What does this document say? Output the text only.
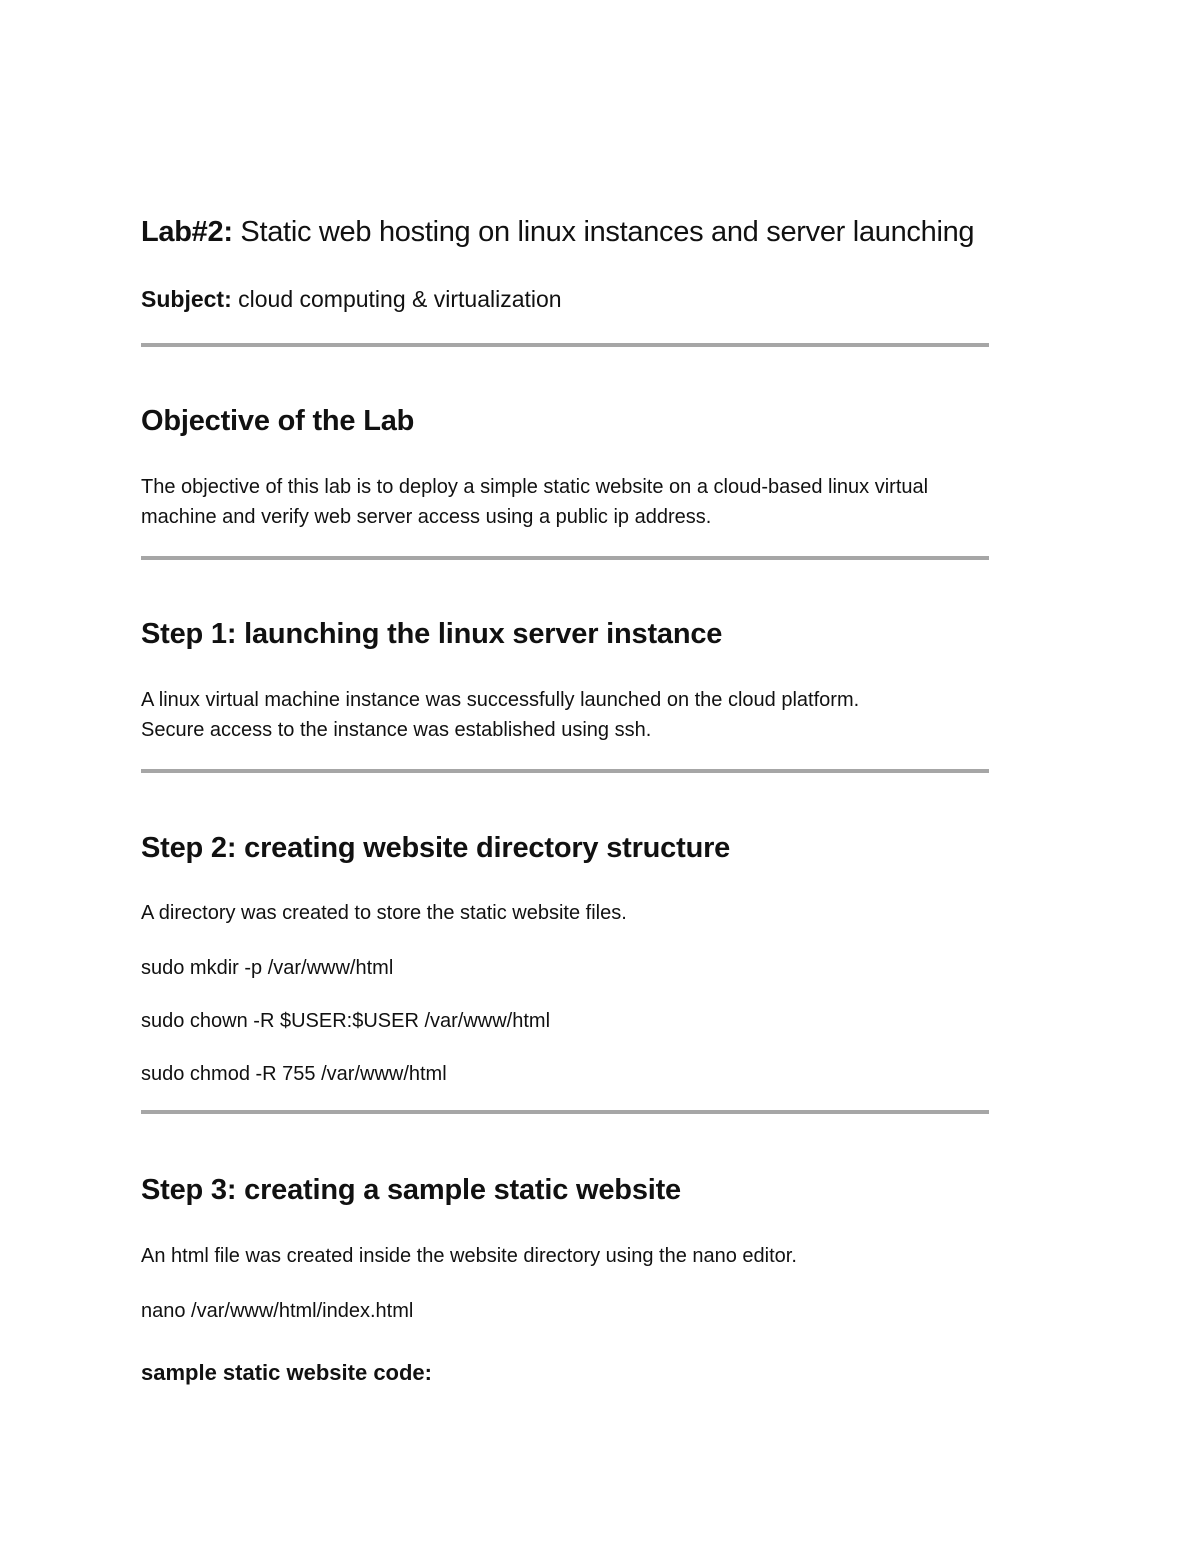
Lab#2: Static web hosting on linux instances and server launching
Subject: cloud computing & virtualization
Objective of the Lab
The objective of this lab is to deploy a simple static website on a cloud-based linux virtual machine and verify web server access using a public ip address.
Step 1: launching the linux server instance
A linux virtual machine instance was successfully launched on the cloud platform.
Secure access to the instance was established using ssh.
Step 2: creating website directory structure
A directory was created to store the static website files.
sudo mkdir -p /var/www/html
sudo chown -R $USER:$USER /var/www/html
sudo chmod -R 755 /var/www/html
Step 3: creating a sample static website
An html file was created inside the website directory using the nano editor.
nano /var/www/html/index.html
sample static website code:
